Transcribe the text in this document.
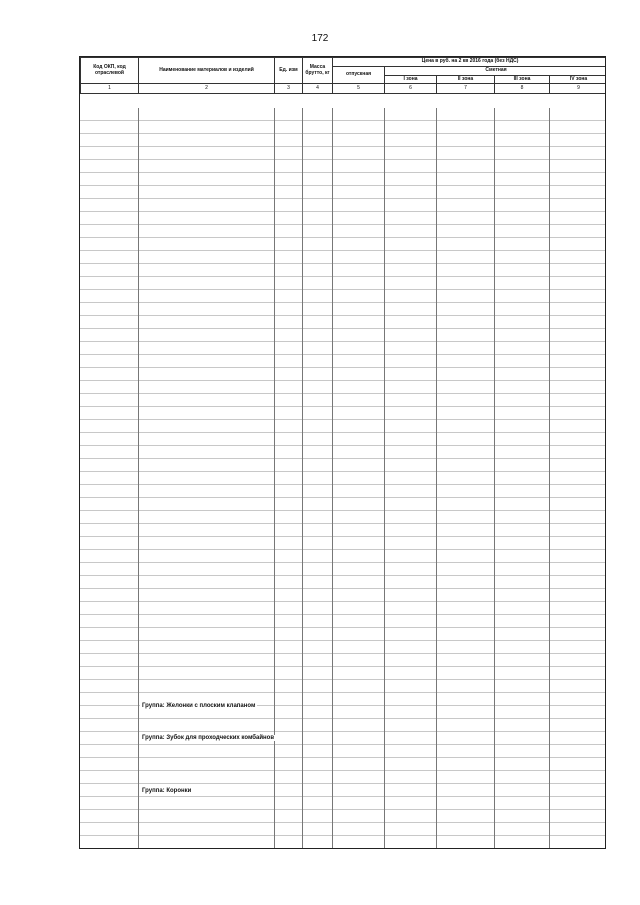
172
Код ОКП, код отраслевой	Наименование материалов и изделий	Ед. изм	Масса брутто, кг	Цена в руб. на 2 кв 2016 года (без НДС)				
				отпускная	Сметная			
					I зона	II зона	III зона	IV зона
1	2	3	4	5	6	7	8	9
Группа: Желонки с плоским клапаном
Группа: Зубок для проходческих комбайнов
Группа: Коронки
